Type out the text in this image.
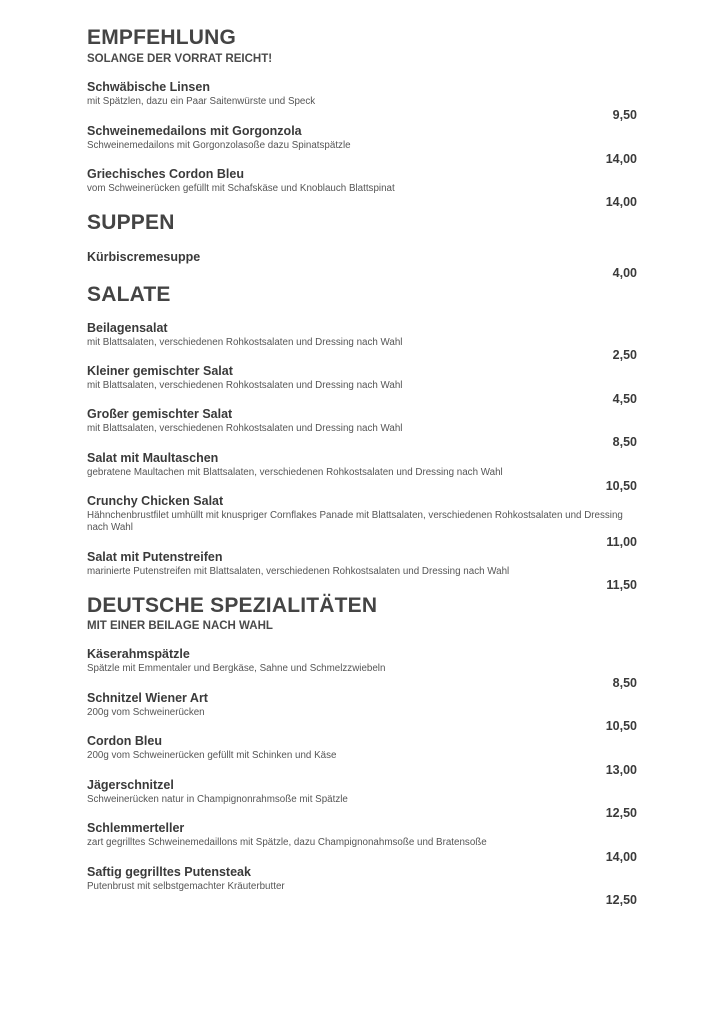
EMPFEHLUNG
SOLANGE DER VORRAT REICHT!
Schwäbische Linsen
mit Spätzlen, dazu ein Paar Saitenwürste und Speck
9,50
Schweinemedailons mit Gorgonzola
Schweinemedailons mit Gorgonzolasoße dazu Spinatspätzle
14,00
Griechisches Cordon Bleu
vom Schweinerücken gefüllt mit Schafskäse und Knoblauch Blattspinat
14,00
SUPPEN
Kürbiscremesuppe
4,00
SALATE
Beilagensalat
mit Blattsalaten, verschiedenen Rohkostsalaten und Dressing nach Wahl
2,50
Kleiner gemischter Salat
mit Blattsalaten, verschiedenen Rohkostsalaten und Dressing nach Wahl
4,50
Großer gemischter Salat
mit Blattsalaten, verschiedenen Rohkostsalaten und Dressing nach Wahl
8,50
Salat mit Maultaschen
gebratene Maultachen mit Blattsalaten, verschiedenen Rohkostsalaten und Dressing nach Wahl
10,50
Crunchy Chicken Salat
Hähnchenbrustfilet umhüllt mit knuspriger Cornflakes Panade mit Blattsalaten, verschiedenen Rohkostsalaten und Dressing nach Wahl
11,00
Salat mit Putenstreifen
marinierte Putenstreifen mit Blattsalaten, verschiedenen Rohkostsalaten und Dressing nach Wahl
11,50
DEUTSCHE SPEZIALITÄTEN
MIT EINER BEILAGE NACH WAHL
Käserahmspätzle
Spätzle mit Emmentaler und Bergkäse, Sahne und Schmelzzwiebeln
8,50
Schnitzel Wiener Art
200g vom Schweinerücken
10,50
Cordon Bleu
200g vom Schweinerücken gefüllt mit Schinken und Käse
13,00
Jägerschnitzel
Schweinerücken natur in Champignonrahmsoße mit Spätzle
12,50
Schlemmerteller
zart gegrilltes Schweinemedaillons mit Spätzle, dazu Champignonahmsoße und Bratensoße
14,00
Saftig gegrilltes Putensteak
Putenbrust mit selbstgemachter Kräuterbutter
12,50
